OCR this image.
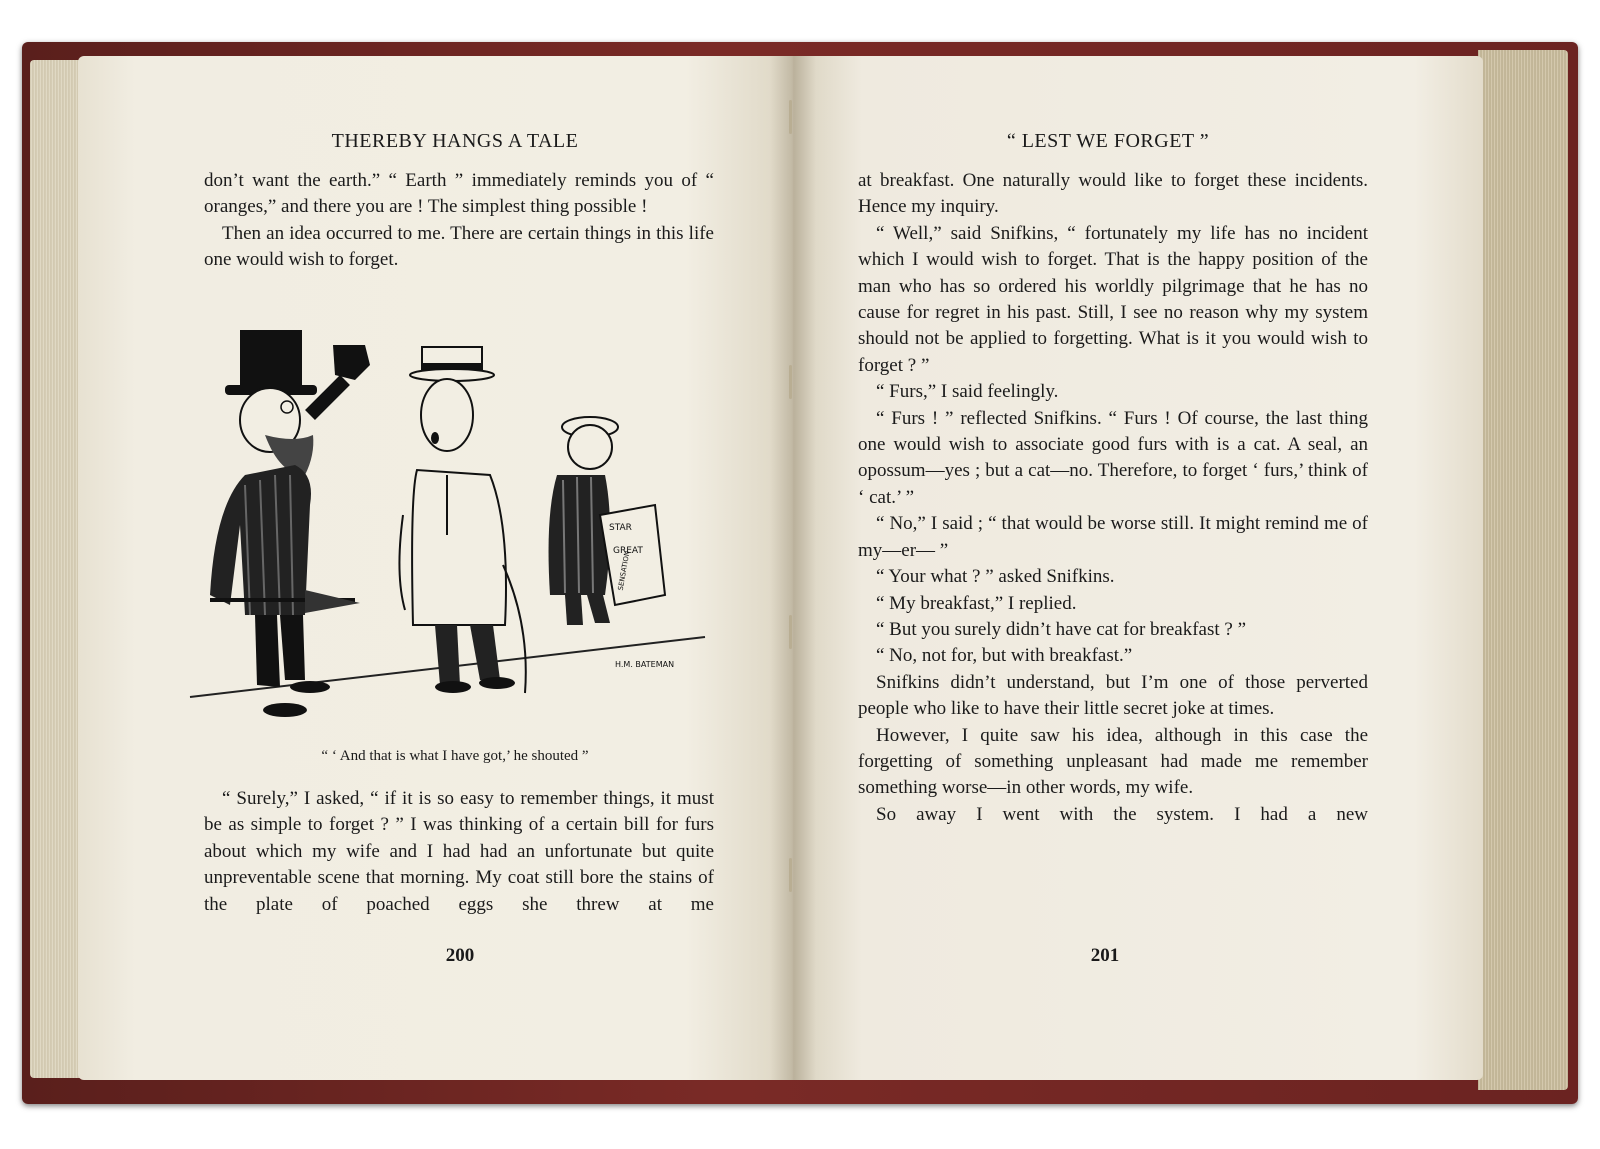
THEREBY HANGS A TALE

don’t want the earth.” “ Earth ” immediately reminds you of “ oranges,” and there you are ! The simplest thing possible !

Then an idea occurred to me. There are certain things in this life one would wish to forget.

STAR
GREAT
SENSATION
H.M. BATEMAN
“ ‘ And that is what I have got,’ he shouted ”

“ Surely,” I asked, “ if it is so easy to remember things, it must be as simple to forget ? ” I was thinking of a certain bill for furs about which my wife and I had had an unfortunate but quite unpreventable scene that morning. My coat still bore the stains of the plate of poached eggs she threw at me

200
“ LEST WE FORGET ”

at breakfast. One naturally would like to forget these incidents. Hence my inquiry.

“ Well,” said Snifkins, “ fortunately my life has no incident which I would wish to forget. That is the happy position of the man who has so ordered his worldly pilgrimage that he has no cause for regret in his past. Still, I see no reason why my system should not be applied to forgetting. What is it you would wish to forget ? ”

“ Furs,” I said feelingly.

“ Furs ! ” reflected Snifkins. “ Furs ! Of course, the last thing one would wish to associate good furs with is a cat. A seal, an opossum—yes ; but a cat—no. Therefore, to forget ‘ furs,’ think of ‘ cat.’ ”

“ No,” I said ; “ that would be worse still. It might remind me of my—er— ”

“ Your what ? ” asked Snifkins.

“ My breakfast,” I replied.

“ But you surely didn’t have cat for breakfast ? ”

“ No, not for, but with breakfast.”

Snifkins didn’t understand, but I’m one of those perverted people who like to have their little secret joke at times.

However, I quite saw his idea, although in this case the forgetting of something unpleasant had made me remember something worse—in other words, my wife.

So away I went with the system. I had a new

201
